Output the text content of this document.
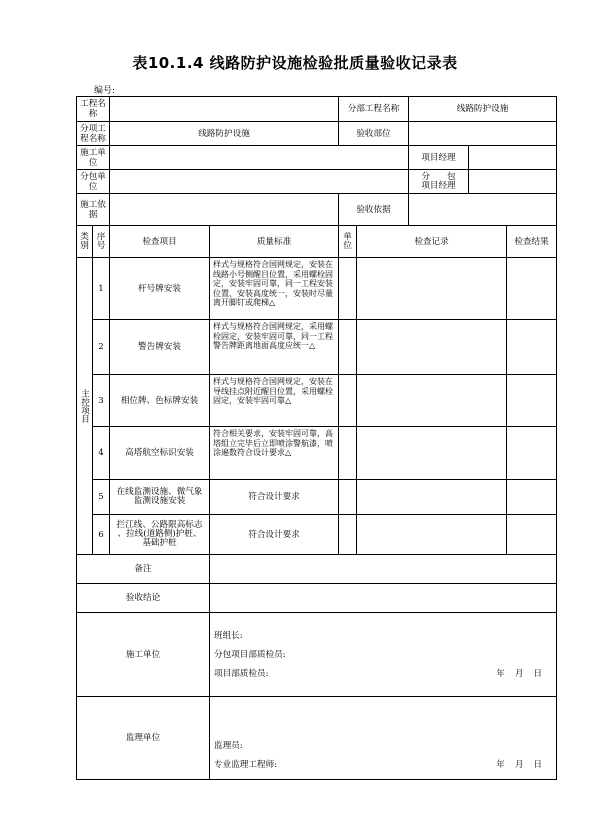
表10.1.4 线路防护设施检验批质量验收记录表
编号:
工程名称				分部工程名称		线路防护设施		
分项工程名称		线路防护设施		验收部位				
施工单位						项目经理		
分包单位						分　　包
项目经理		

施工依据				验收依据				

类
别	序
号	检查项目	质量标准	单
位	检查记录			检查结果
主控项目	1	杆号牌安装	样式与规格符合国网规定，安装在线路小号侧醒目位置，采用螺栓固定，安装牢固可靠，同一工程安装位置、安装高度统一，安装时尽量离开脚钉或爬梯△					
	2	警告牌安装	样式与规格符合国网规定，采用螺栓固定，安装牢固可靠，同一工程警告牌距离地面高度应统一△					
	3	相位牌、色标牌安装	样式与规格符合国网规定，安装在导线挂点附近醒目位置，采用螺栓固定，安装牢固可靠△					
	4	高塔航空标识安装	符合相关要求，安装牢固可靠，高塔组立完毕后立即喷涂警航漆，喷涂遍数符合设计要求△					
	5	在线监测设施、微气象
监测设施安装	符合设计要求					
	6	拦江线、公路限高标志
、拉线(道路侧)护桩、
基础护桩	符合设计要求					
备注								
验收结论								
施工单位			班组长:
分包项目部质检员:
项目部质检员: 年 月 日					

监理单位			监理员:
专业监理工程师: 年 月 日					
